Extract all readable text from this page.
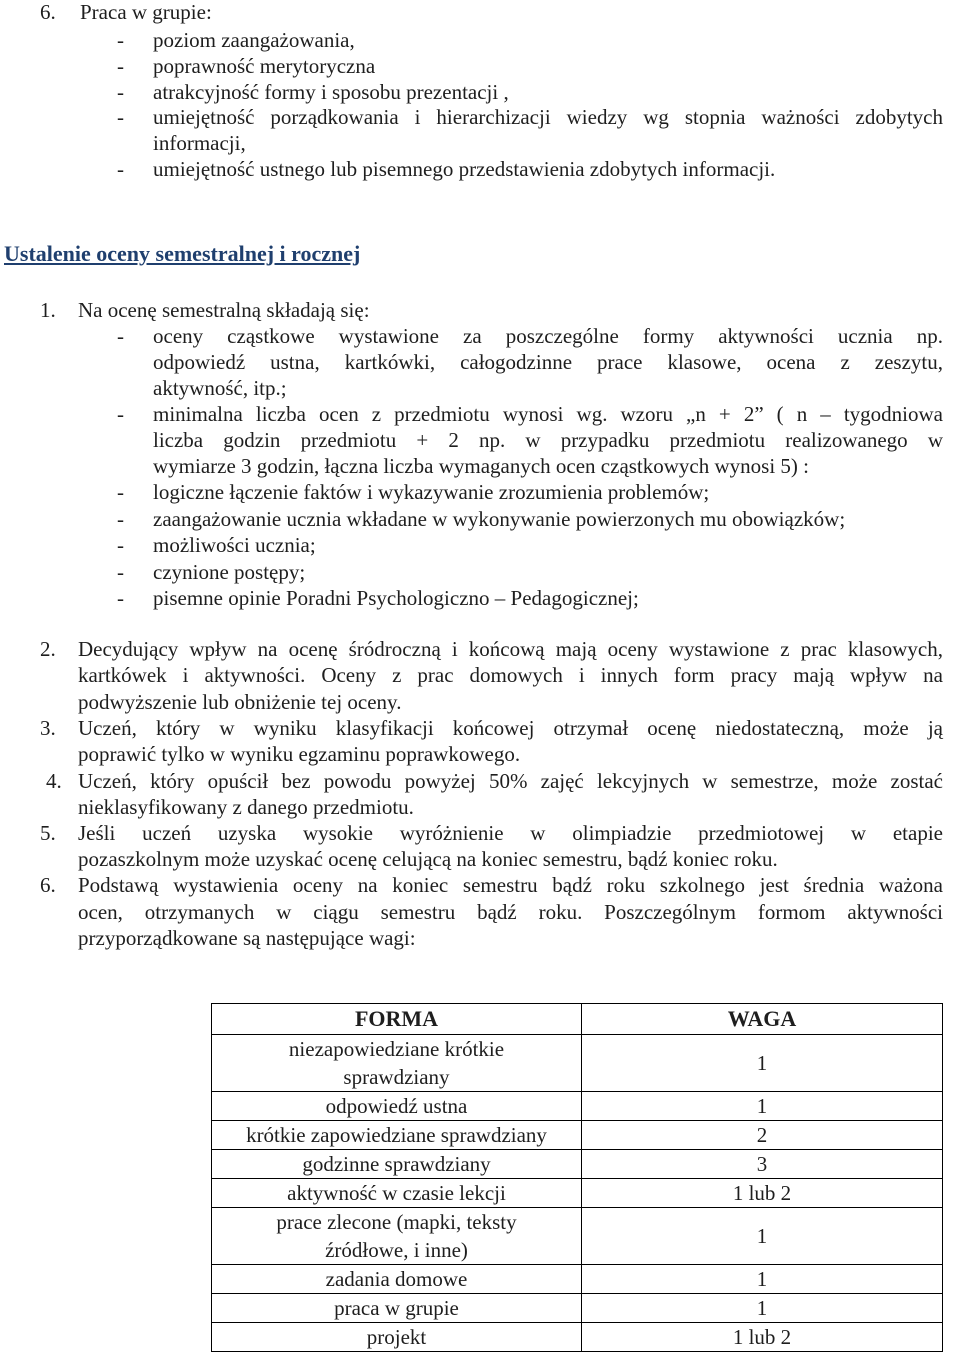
6. Praca w grupie:
- poziom zaangażowania,
- poprawność merytoryczna
- atrakcyjność formy i sposobu prezentacji ,
- umiejętność porządkowania i hierarchizacji wiedzy wg stopnia ważności zdobytych
informacji,
- umiejętność ustnego lub pisemnego przedstawienia zdobytych informacji.
Ustalenie oceny semestralnej i rocznej
1. Na ocenę semestralną składają się:
- oceny cząstkowe wystawione za poszczególne formy aktywności ucznia np.
odpowiedź ustna, kartkówki, całogodzinne prace klasowe, ocena z zeszytu,
aktywność, itp.;
- minimalna liczba ocen z przedmiotu wynosi wg. wzoru „n + 2” ( n – tygodniowa
liczba godzin przedmiotu + 2 np. w przypadku przedmiotu realizowanego w
wymiarze 3 godzin, łączna liczba wymaganych ocen cząstkowych wynosi 5) :
- logiczne łączenie faktów i wykazywanie zrozumienia problemów;
- zaangażowanie ucznia wkładane w wykonywanie powierzonych mu obowiązków;
- możliwości ucznia;
- czynione postępy;
- pisemne opinie Poradni Psychologiczno – Pedagogicznej;
2. Decydujący wpływ na ocenę śródroczną i końcową mają oceny wystawione z prac klasowych,
kartkówek i aktywności. Oceny z prac domowych i innych form pracy mają wpływ na
podwyższenie lub obniżenie tej oceny.
3. Uczeń, który w wyniku klasyfikacji końcowej otrzymał ocenę niedostateczną, może ją
poprawić tylko w wyniku egzaminu poprawkowego.
4. Uczeń, który opuścił bez powodu powyżej 50% zajęć lekcyjnych w semestrze, może zostać
nieklasyfikowany z danego przedmiotu.
5. Jeśli uczeń uzyska wysokie wyróżnienie w olimpiadzie przedmiotowej w etapie
pozaszkolnym może uzyskać ocenę celującą na koniec semestru, bądź koniec roku.
6. Podstawą wystawienia oceny na koniec semestru bądź roku szkolnego jest średnia ważona
ocen, otrzymanych w ciągu semestru bądź roku. Poszczególnym formom aktywności
przyporządkowane są następujące wagi:
FORMA	WAGA

niezapowiedziane krótkie
sprawdziany	1
odpowiedź ustna	1
krótkie zapowiedziane sprawdziany	2
godzinne sprawdziany	3
aktywność w czasie lekcji	1 lub 2

prace zlecone (mapki, teksty
źródłowe, i inne)	1
zadania domowe	1
praca w grupie	1
projekt	1 lub 2
